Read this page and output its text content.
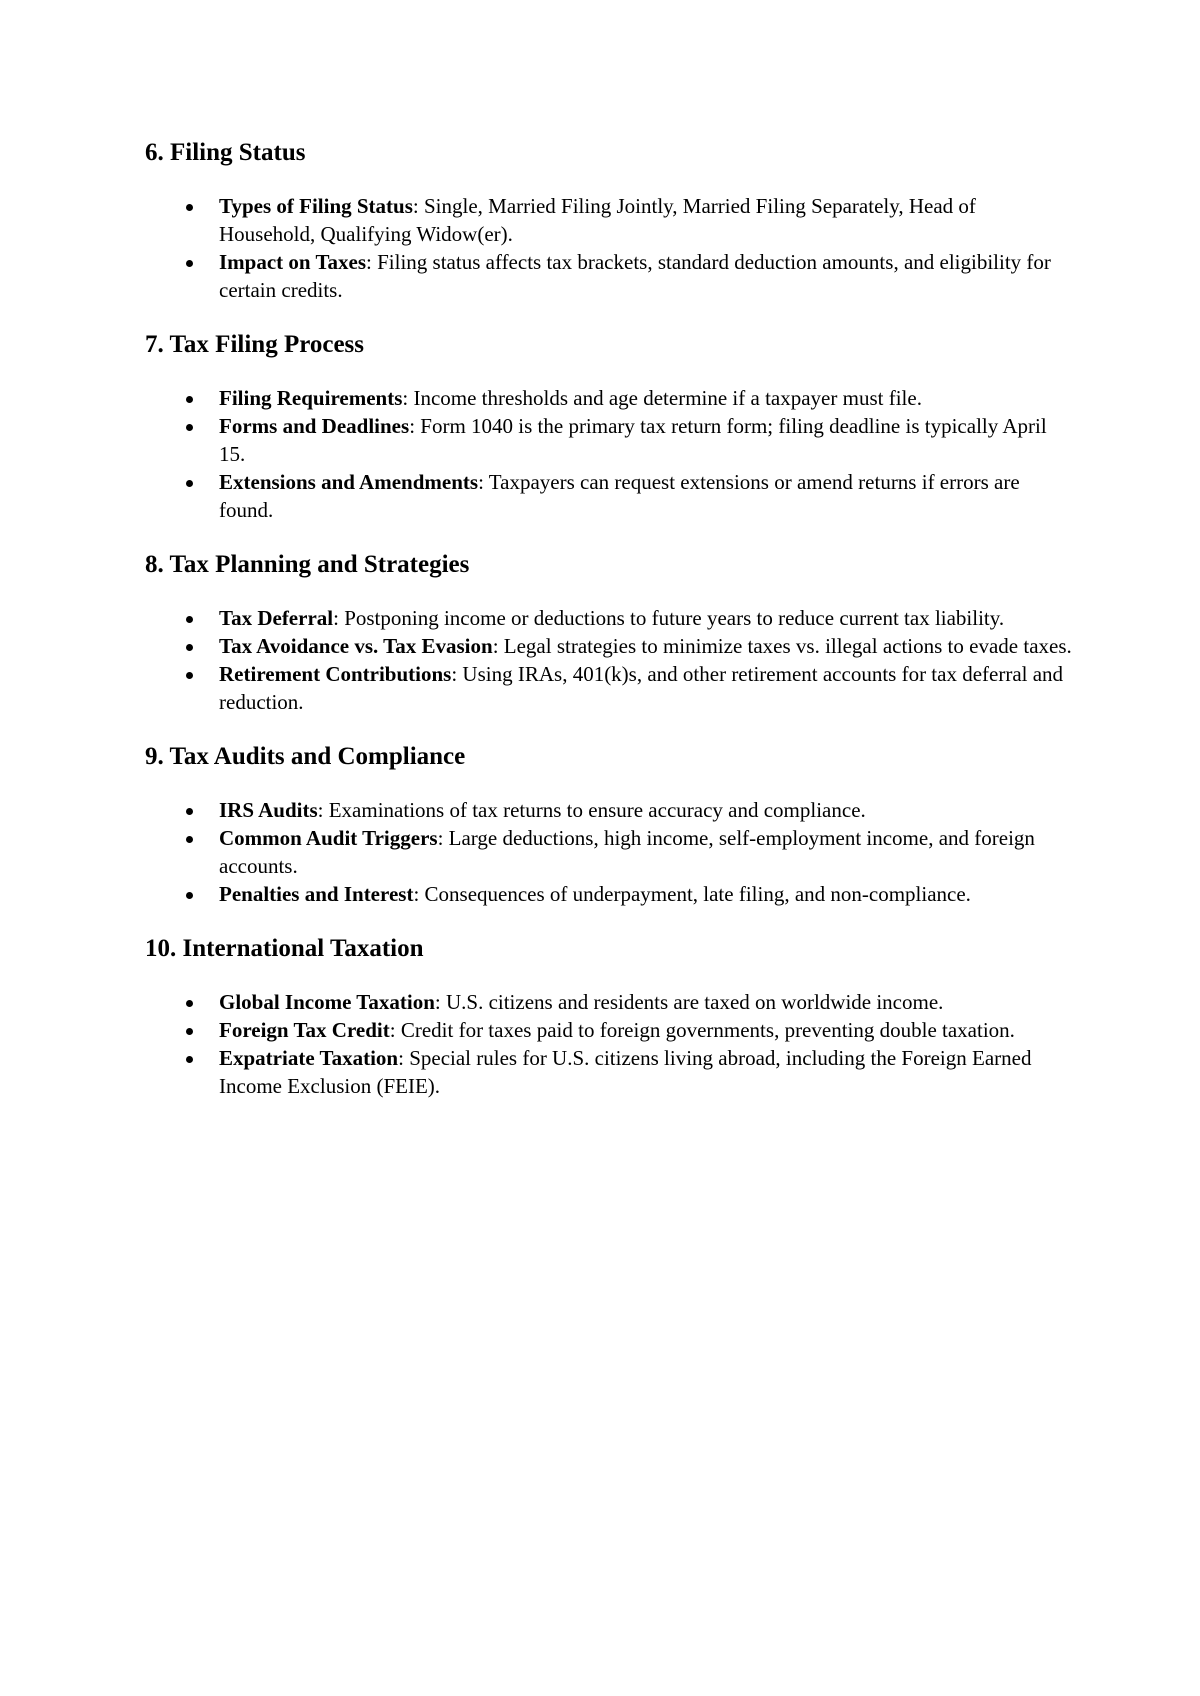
6. Filing Status
Types of Filing Status: Single, Married Filing Jointly, Married Filing Separately, Head of Household, Qualifying Widow(er).
Impact on Taxes: Filing status affects tax brackets, standard deduction amounts, and eligibility for certain credits.
7. Tax Filing Process
Filing Requirements: Income thresholds and age determine if a taxpayer must file.
Forms and Deadlines: Form 1040 is the primary tax return form; filing deadline is typically April 15.
Extensions and Amendments: Taxpayers can request extensions or amend returns if errors are found.
8. Tax Planning and Strategies
Tax Deferral: Postponing income or deductions to future years to reduce current tax liability.
Tax Avoidance vs. Tax Evasion: Legal strategies to minimize taxes vs. illegal actions to evade taxes.
Retirement Contributions: Using IRAs, 401(k)s, and other retirement accounts for tax deferral and reduction.
9. Tax Audits and Compliance
IRS Audits: Examinations of tax returns to ensure accuracy and compliance.
Common Audit Triggers: Large deductions, high income, self-employment income, and foreign accounts.
Penalties and Interest: Consequences of underpayment, late filing, and non-compliance.
10. International Taxation
Global Income Taxation: U.S. citizens and residents are taxed on worldwide income.
Foreign Tax Credit: Credit for taxes paid to foreign governments, preventing double taxation.
Expatriate Taxation: Special rules for U.S. citizens living abroad, including the Foreign Earned Income Exclusion (FEIE).
